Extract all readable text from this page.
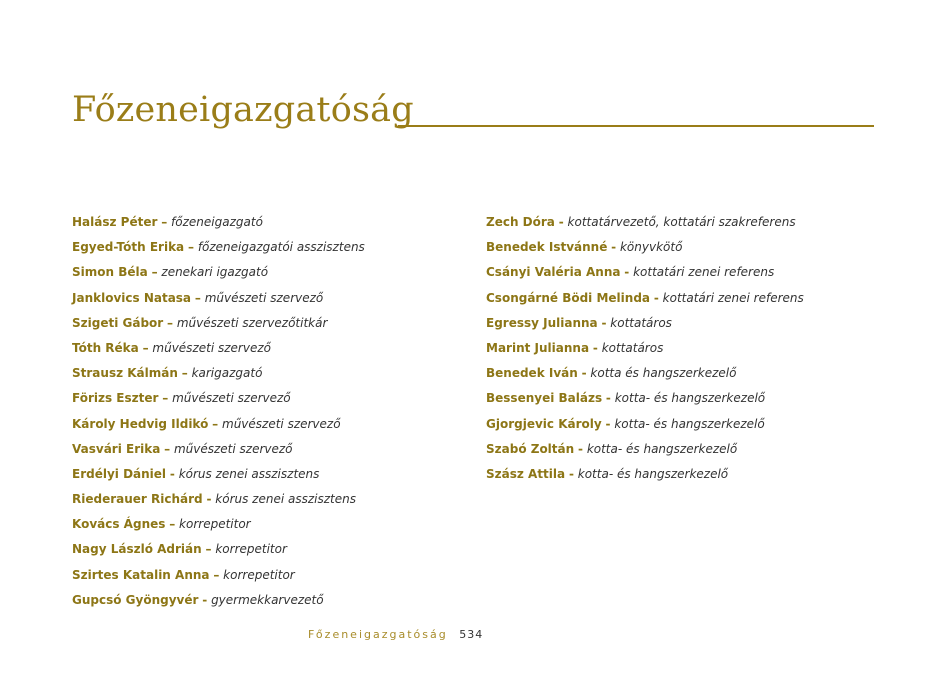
Főzeneigazgatóság
Halász Péter – főzeneigazgató
Egyed-Tóth Erika – főzeneigazgatói asszisztens
Simon Béla – zenekari igazgató
Janklovics Natasa – művészeti szervező
Szigeti Gábor – művészeti szervezőtitkár
Tóth Réka – művészeti szervező
Strausz Kálmán – karigazgató
Förizs Eszter – művészeti szervező
Károly Hedvig Ildikó – művészeti szervező
Vasvári Erika – művészeti szervező
Erdélyi Dániel - kórus zenei asszisztens
Riederauer Richárd - kórus zenei asszisztens
Kovács Ágnes – korrepetitor
Nagy László Adrián – korrepetitor
Szirtes Katalin Anna – korrepetitor
Gupcsó Gyöngyvér - gyermekkarvezető
Zech Dóra - kottatárvezető, kottatári szakreferens
Benedek Istvánné - könyvkötő
Csányi Valéria Anna - kottatári zenei referens
Csongárné Bödi Melinda - kottatári zenei referens
Egressy Julianna - kottatáros
Marint Julianna - kottatáros
Benedek Iván - kotta és hangszerkezelő
Bessenyei Balázs - kotta- és hangszerkezelő
Gjorgjevic Károly - kotta- és hangszerkezelő
Szabó Zoltán - kotta- és hangszerkezelő
Szász Attila - kotta- és hangszerkezelő
Főzeneigazgatóság 534
